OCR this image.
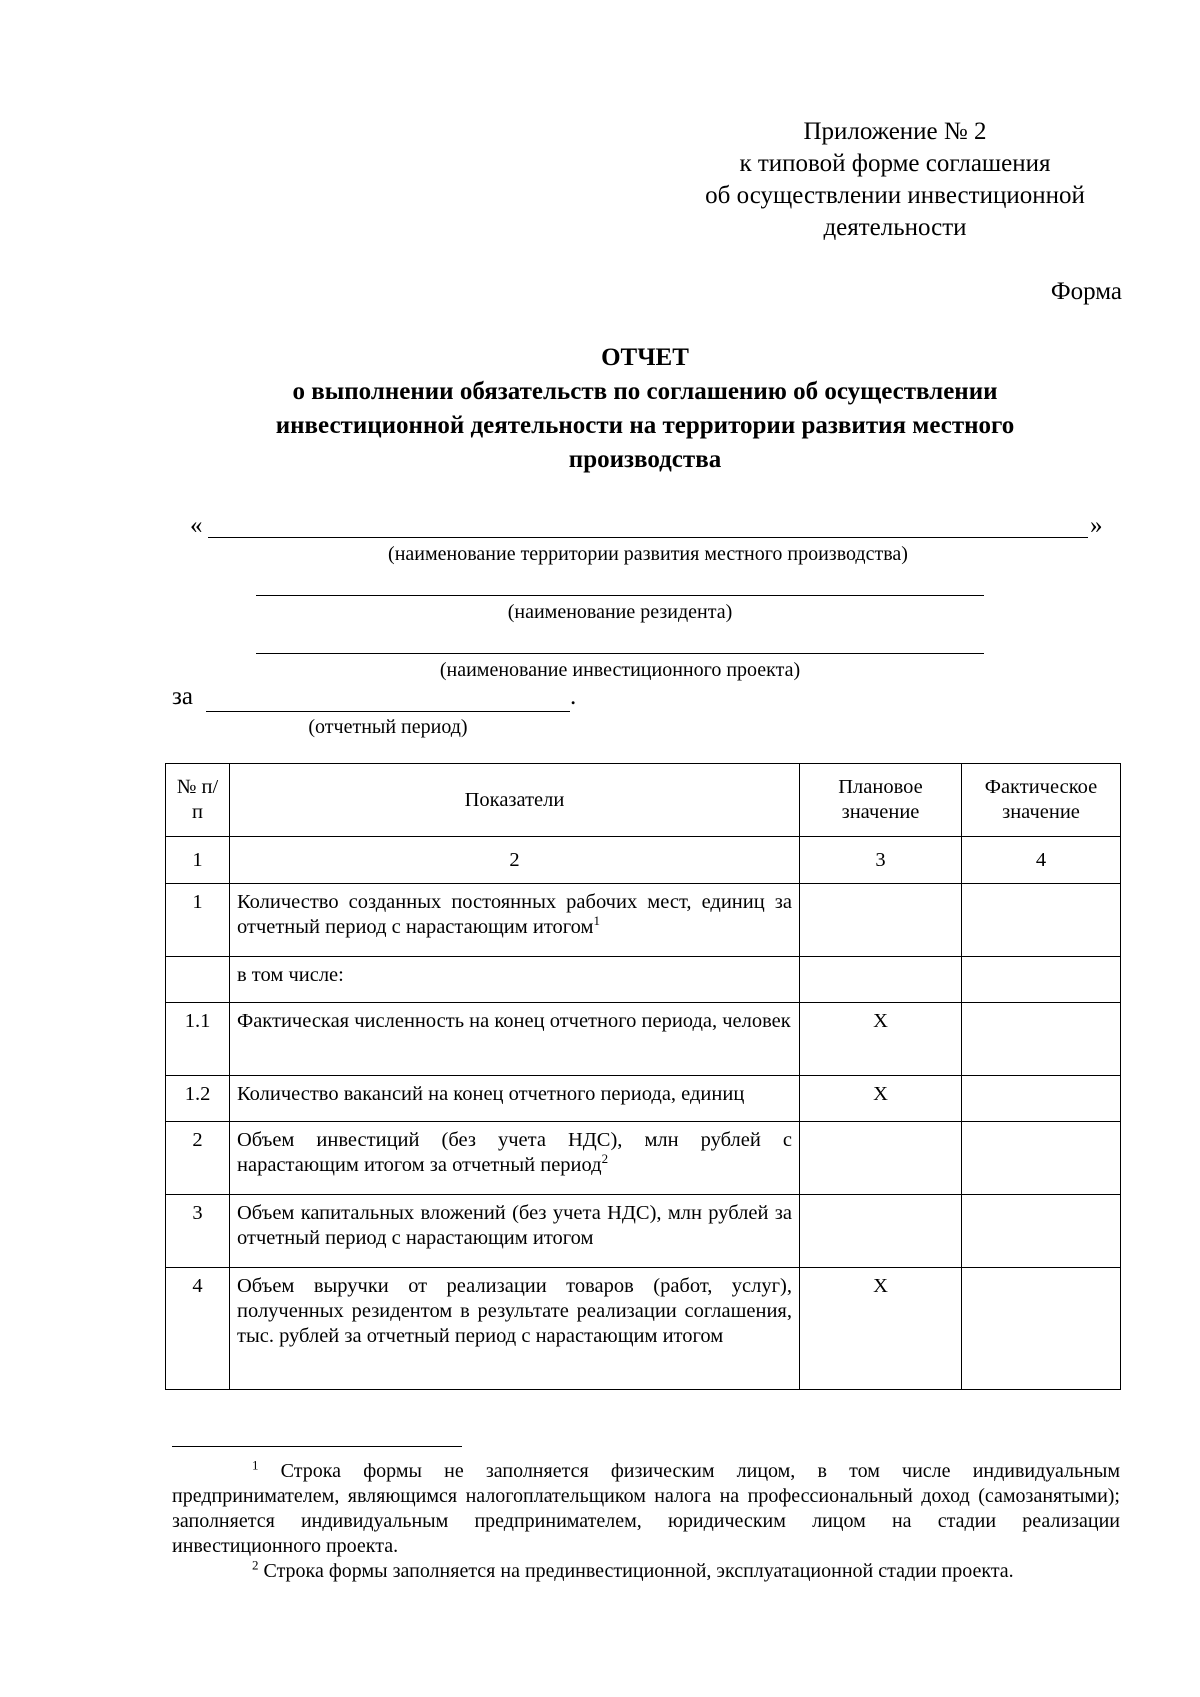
Приложение № 2
к типовой форме соглашения
об осуществлении инвестиционной
деятельности
Форма
ОТЧЕТ
о выполнении обязательств по соглашению об осуществлении
инвестиционной деятельности на территории развития местного
производства
«	»
(наименование территории развития местного производства)
(наименование резидента)
(наименование инвестиционного проекта)
за	.
(отчетный период)
№ п/п	Показатели	Плановое значение	Фактическое значение
1	2	3	4
1	Количество созданных постоянных рабочих мест, единиц за отчетный период с нарастающим итогом$^1$		
	в том числе:		
1.1	Фактическая численность на конец отчетного периода, человек	X	
1.2	Количество вакансий на конец отчетного периода, единиц	X	
2	Объем инвестиций (без учета НДС), млн рублей с нарастающим итогом за отчетный период$^2$		
3	Объем капитальных вложений (без учета НДС), млн рублей за отчетный период с нарастающим итогом		
4	Объем выручки от реализации товаров (работ, услуг), полученных резидентом в результате реализации соглашения, тыс. рублей за отчетный период с нарастающим итогом	X	

$^1$ Строка формы не заполняется физическим лицом, в том числе индивидуальным предпринимателем, являющимся налогоплательщиком налога на профессиональный доход (самозанятыми); заполняется индивидуальным предпринимателем, юридическим лицом на стадии реализации инвестиционного проекта.

$^2$ Строка формы заполняется на прединвестиционной, эксплуатационной стадии проекта.
